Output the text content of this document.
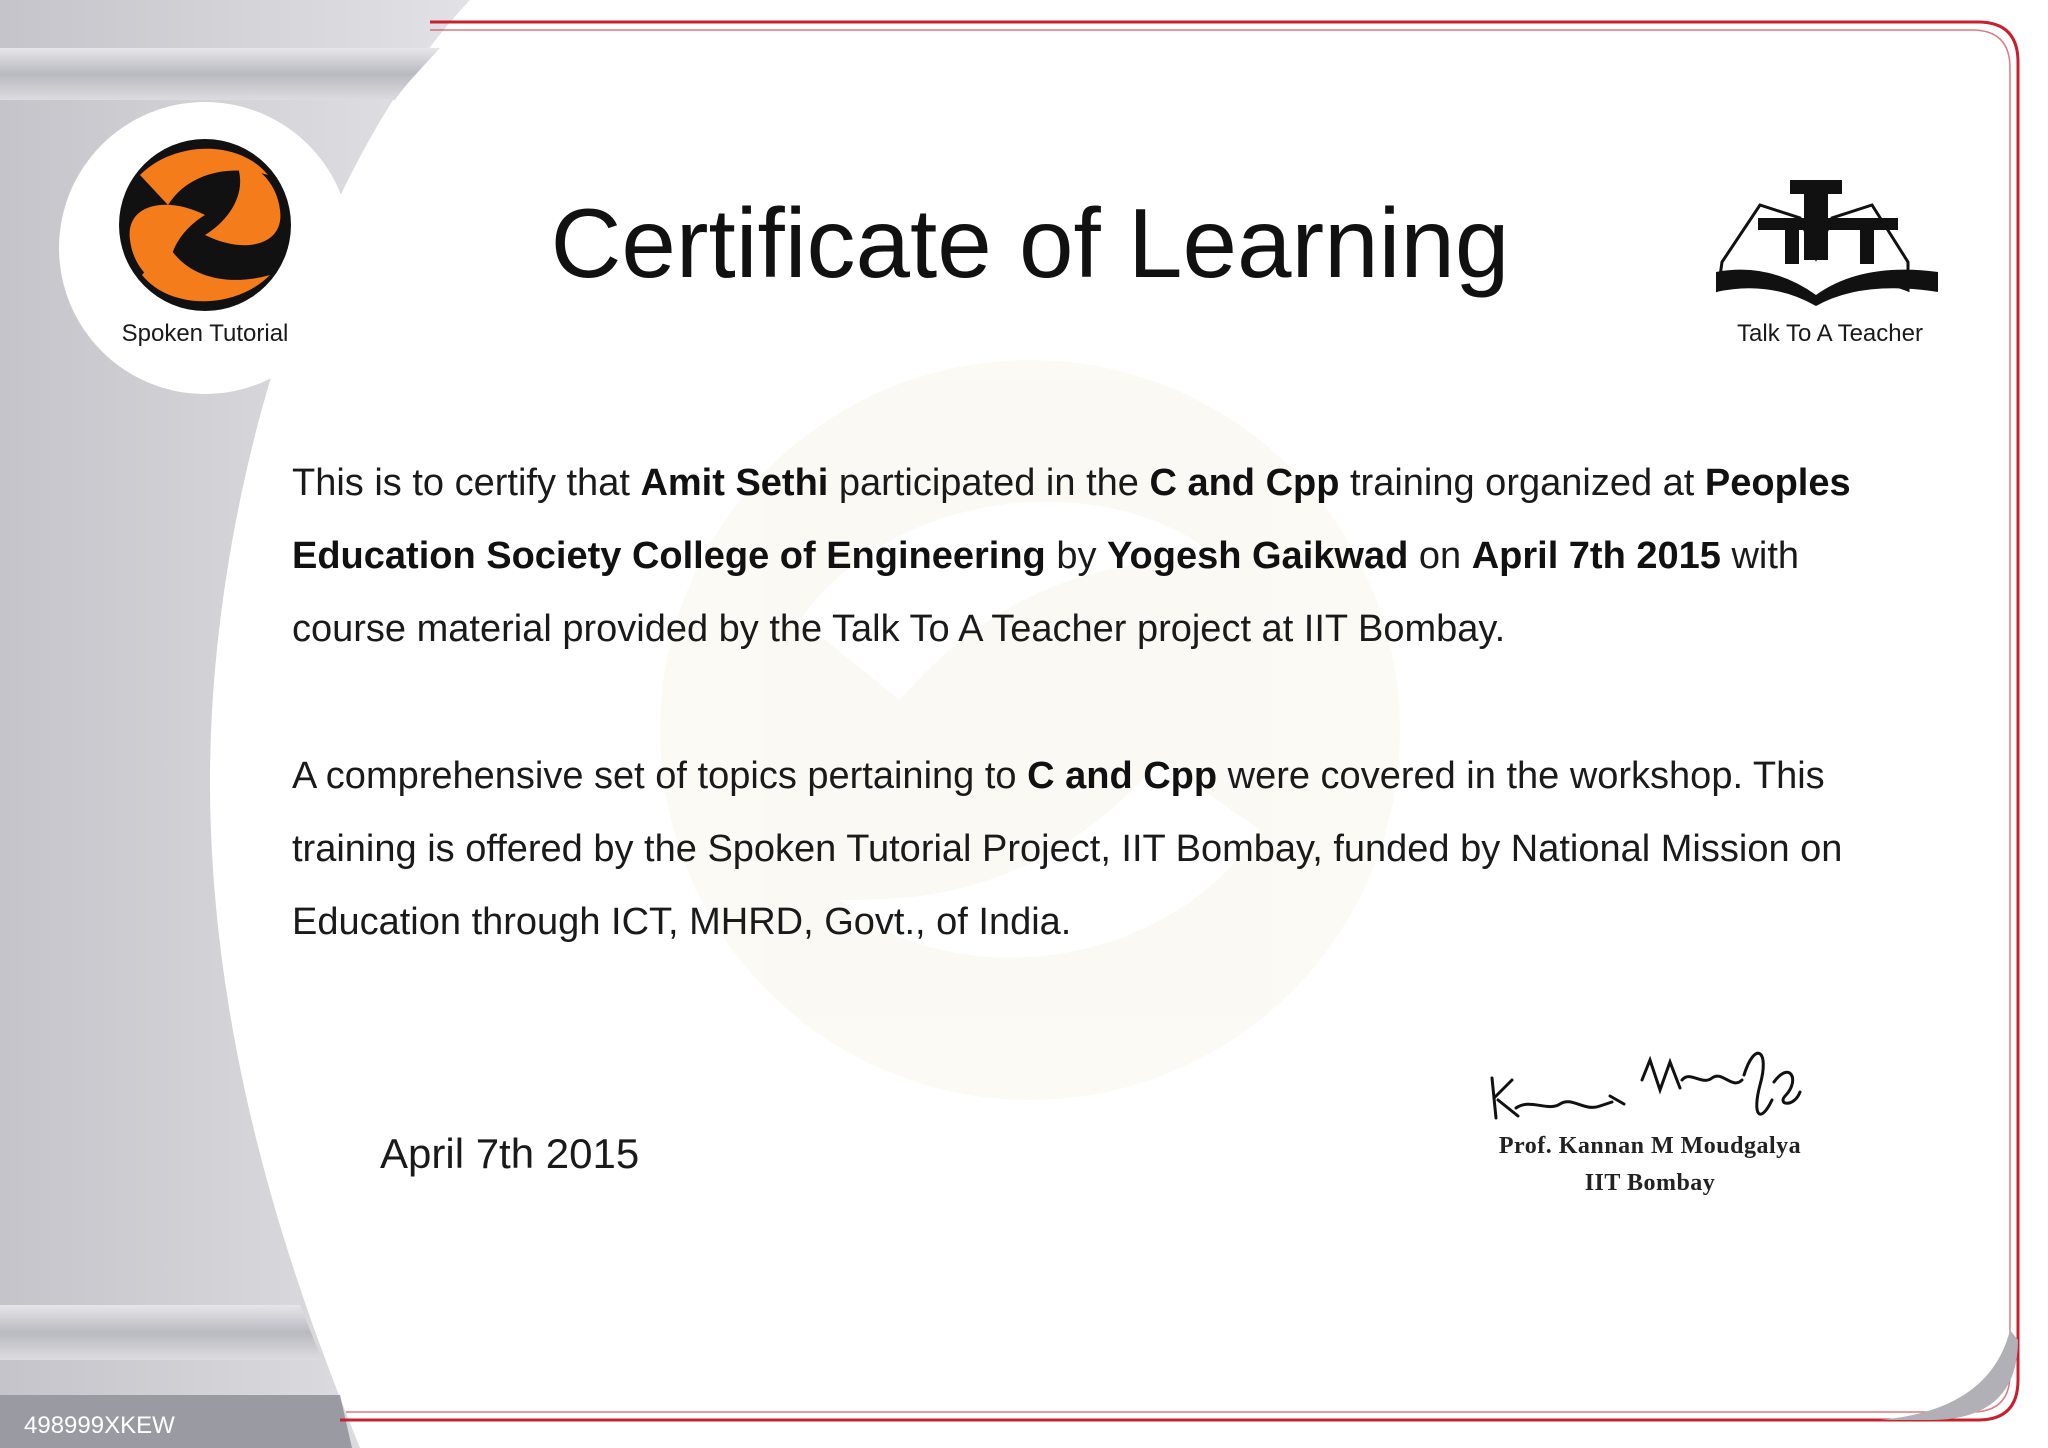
Spoken Tutorial	Talk To A Teacher
Certificate of Learning
This is to certify that Amit Sethi participated in the C and Cpp training organized at Peoples Education Society College of Engineering by Yogesh Gaikwad on April 7th 2015 with course material provided by the Talk To A Teacher project at IIT Bombay.
A comprehensive set of topics pertaining to C and Cpp were covered in the workshop. This training is offered by the Spoken Tutorial Project, IIT Bombay, funded by National Mission on Education through ICT, MHRD, Govt., of India.
April 7th 2015	Prof. Kannan M Moudgalya
IIT Bombay
498999XKEW
